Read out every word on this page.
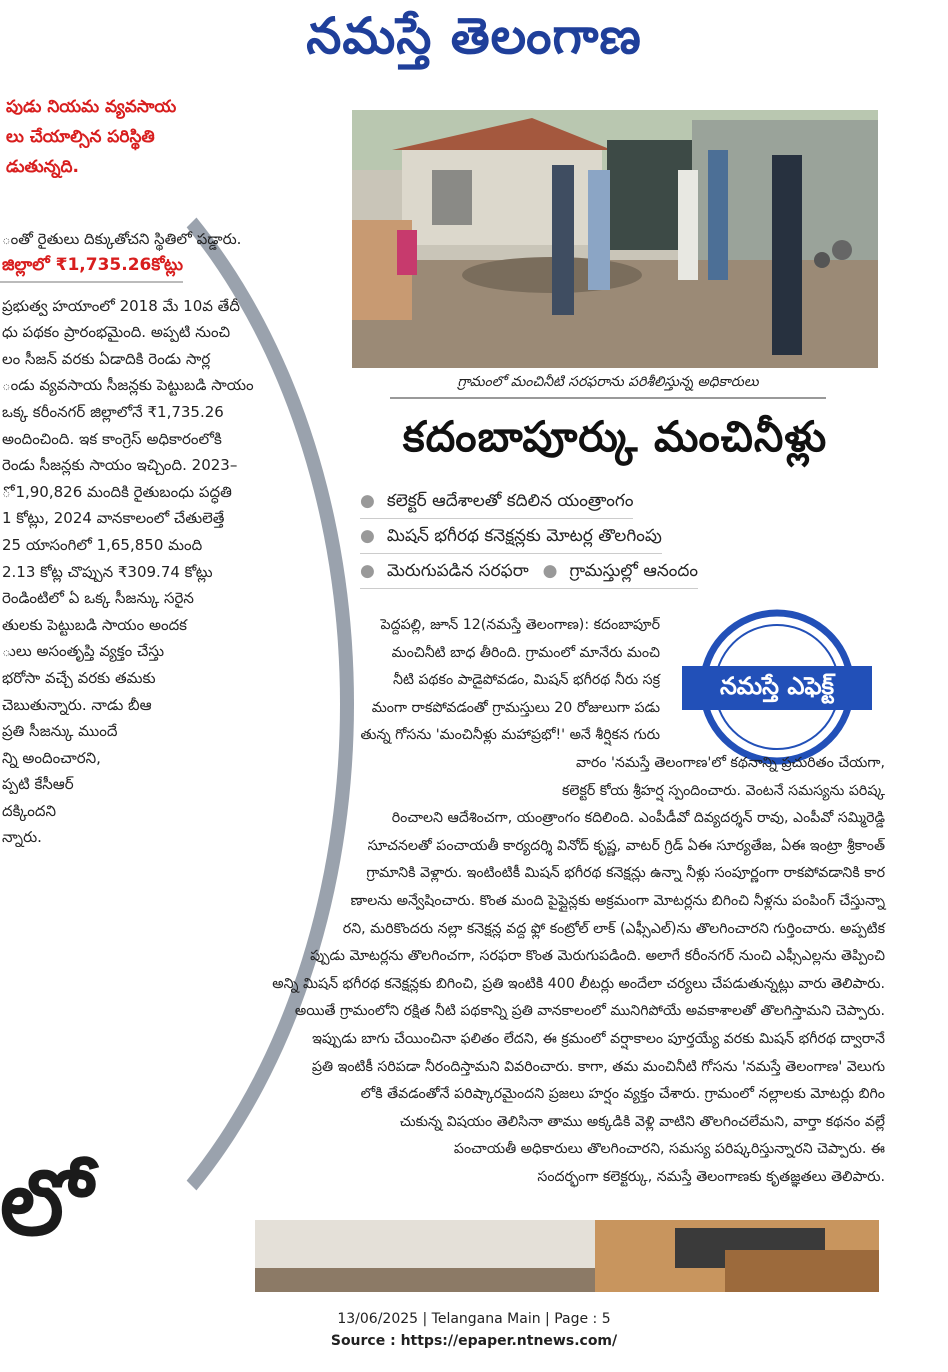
నమస్తే తెలంగాణ
పుడు నియమ వ్యవసాయ
లు చేయాల్సిన పరిస్థితి
డుతున్నది.
ంతో రైతులు దిక్కుతోచని స్థితిలో పడ్డారు.
జిల్లాలో ₹1,735.26కోట్లు
ప్రభుత్వ హయాంలో 2018 మే 10వ తేదీ
ధు పథకం ప్రారంభమైంది. అప్పటి నుంచి
లం సీజన్ వరకు ఏడాదికి రెండు సార్ల
ండు వ్యవసాయ సీజన్లకు పెట్టుబడి సాయం
ఒక్క కరీంనగర్ జిల్లాలోనే ₹1,735.26
అందించింది. ఇక కాంగ్రెస్ అధికారంలోకి
రెండు సీజన్లకు సాయం ఇచ్చింది. 2023–
ో 1,90,826 మందికి రైతుబంధు పద్ధతి
1 కోట్లు, 2024 వానకాలంలో చేతులెత్తే
25 యాసంగిలో 1,65,850 మంది
2.13 కోట్ల చొప్పున ₹309.74 కోట్లు
రెండింటిలో ఏ ఒక్క సీజన్కు సరైన
తులకు పెట్టుబడి సాయం అందక
ులు అసంతృప్తి వ్యక్తం చేస్తు
భరోసా వచ్చే వరకు తమకు
చెబుతున్నారు. నాడు బీఆ
ప్రతి సీజన్కు ముందే
న్ని అందించారని,
ప్పటి కేసీఆర్
దక్కిందని
న్నారు.
గ్రామంలో మంచినీటి సరఫరాను పరిశీలిస్తున్న అధికారులు
కదంబాపూర్కు మంచినీళ్లు
● కలెక్టర్ ఆదేశాలతో కదిలిన యంత్రాంగం
● మిషన్ భగీరథ కనెక్షన్లకు మోటర్ల తొలగింపు
● మెరుగుపడిన సరఫరా ● గ్రామస్తుల్లో ఆనందం
నమస్తే ఎఫెక్ట్
పెద్దపల్లి, జూన్ 12(నమస్తే తెలంగాణ): కదంబాపూర్
మంచినీటి బాధ తీరింది. గ్రామంలో మానేరు మంచి
నీటి పథకం పాడైపోవడం, మిషన్ భగీరథ నీరు సక్ర
మంగా రాకపోవడంతో గ్రామస్తులు 20 రోజులుగా పడు
తున్న గోసను 'మంచినీళ్లు మహాప్రభో!' అనే శీర్షికన గురు
వారం 'నమస్తే తెలంగాణ'లో కథనాన్ని ప్రచురితం చేయగా,
కలెక్టర్ కోయ శ్రీహర్ష స్పందించారు. వెంటనే సమస్యను పరిష్క
రించాలని ఆదేశించగా, యంత్రాంగం కదిలింది. ఎంపీడీవో దివ్యదర్శన్ రావు, ఎంపీవో సమ్మిరెడ్డి
సూచనలతో పంచాయతీ కార్యదర్శి వినోద్ కృష్ణ, వాటర్ గ్రిడ్ ఏఈ సూర్యతేజ, ఏఈ ఇంట్రా శ్రీకాంత్
గ్రామానికి వెళ్లారు. ఇంటింటికీ మిషన్ భగీరథ కనెక్షన్లు ఉన్నా నీళ్లు సంపూర్ణంగా రాకపోవడానికి కార
ణాలను అన్వేషించారు. కొంత మంది పైప్లైన్లకు అక్రమంగా మోటర్లను బిగించి నీళ్లను పంపింగ్ చేస్తున్నా
రని, మరికొందరు నల్లా కనెక్షన్ల వద్ద ఫ్లో కంట్రోల్ లాక్ (ఎఫ్సీఎల్)ను తొలగించారని గుర్తించారు. అప్పటిక
ప్పుడు మోటర్లను తొలగించగా, సరఫరా కొంత మెరుగుపడింది. అలాగే కరీంనగర్ నుంచి ఎఫ్సీఎల్లను తెప్పించి
అన్ని మిషన్ భగీరథ కనెక్షన్లకు బిగించి, ప్రతి ఇంటికి 400 లీటర్లు అందేలా చర్యలు చేపడుతున్నట్లు వారు తెలిపారు.
అయితే గ్రామంలోని రక్షిత నీటి పథకాన్ని ప్రతి వానకాలంలో మునిగిపోయే అవకాశాలతో తొలగిస్తామని చెప్పారు.
ఇప్పుడు బాగు చేయించినా ఫలితం లేదని, ఈ క్రమంలో వర్షాకాలం పూర్తయ్యే వరకు మిషన్ భగీరథ ద్వారానే
ప్రతి ఇంటికీ సరిపడా నీరందిస్తామని వివరించారు. కాగా, తమ మంచినీటి గోసను 'నమస్తే తెలంగాణ' వెలుగు
లోకి తేవడంతోనే పరిష్కారమైందని ప్రజలు హర్షం వ్యక్తం చేశారు. గ్రామంలో నల్లాలకు మోటర్లు బిగిం
చుకున్న విషయం తెలిసినా తాము అక్కడికి వెళ్లి వాటిని తొలగించలేమని, వార్తా కథనం వల్లే
పంచాయతీ అధికారులు తొలగించారని, సమస్య పరిష్కరిస్తున్నారని చెప్పారు. ఈ
సందర్భంగా కలెక్టర్కు, నమస్తే తెలంగాణకు కృతజ్ఞతలు తెలిపారు.
లో
13/06/2025 | Telangana Main | Page : 5
Source : https://epaper.ntnews.com/
